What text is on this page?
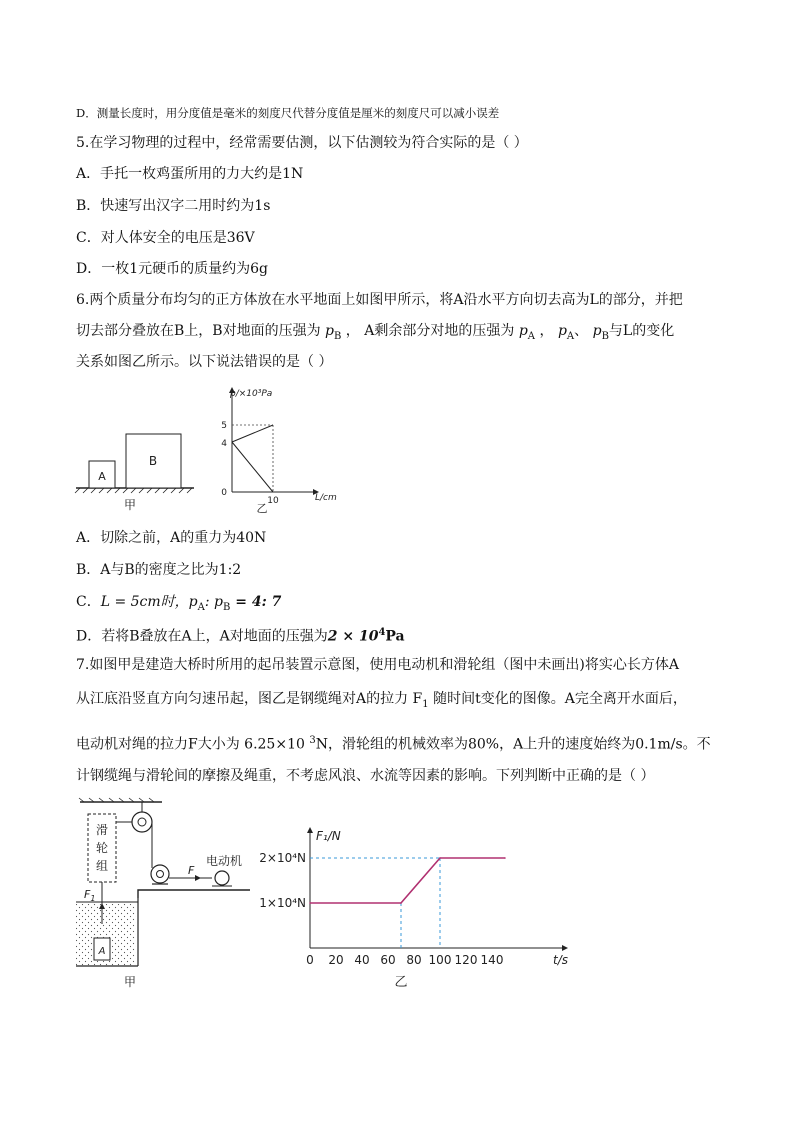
D．测量长度时，用分度值是毫米的刻度尺代替分度值是厘米的刻度尺可以减小误差
5.在学习物理的过程中，经常需要估测，以下估测较为符合实际的是（ ）
A．手托一枚鸡蛋所用的力大约是1N
B．快速写出汉字二用时约为1s
C．对人体安全的电压是36V
D．一枚1元硬币的质量约为6g
6.两个质量分布均匀的正方体放在水平地面上如图甲所示，将A沿水平方向切去高为L的部分，并把
切去部分叠放在B上，B对地面的压强为 $p_B$ ， A剩余部分对地的压强为 $p_A$ ， $p_A$、 $p_B$与L的变化
关系如图乙所示。以下说法错误的是（ ）
A
B
甲
p/×10³Pa
L/cm
5
4
0
10
乙
A．切除之前，A的重力为40N
B．A与B的密度之比为1:2
C．L = 5cm时，$p_A$: $p_B = 4$: 7
D．若将B叠放在A上，A对地面的压强为$2 \times 10^4Pa$
7.如图甲是建造大桥时所用的起吊装置示意图，使用电动机和滑轮组（图中未画出)将实心长方体A
从江底沿竖直方向匀速吊起，图乙是钢缆绳对A的拉力 $F_1$ 随时间t变化的图像。A完全离开水面后，
电动机对绳的拉力F大小为 6.25×10 $^3$N，滑轮组的机械效率为80%，A上升的速度始终为0.1m/s。不
计钢缆绳与滑轮间的摩擦及绳重，不考虑风浪、水流等因素的影响。下列判断中正确的是（ ）
滑
轮
组	F
电动机
$F_1$
A
甲
F₁/N
t/s
0 20 40 60 80 100 120 140
1×10⁴N
2×10⁴N
乙
